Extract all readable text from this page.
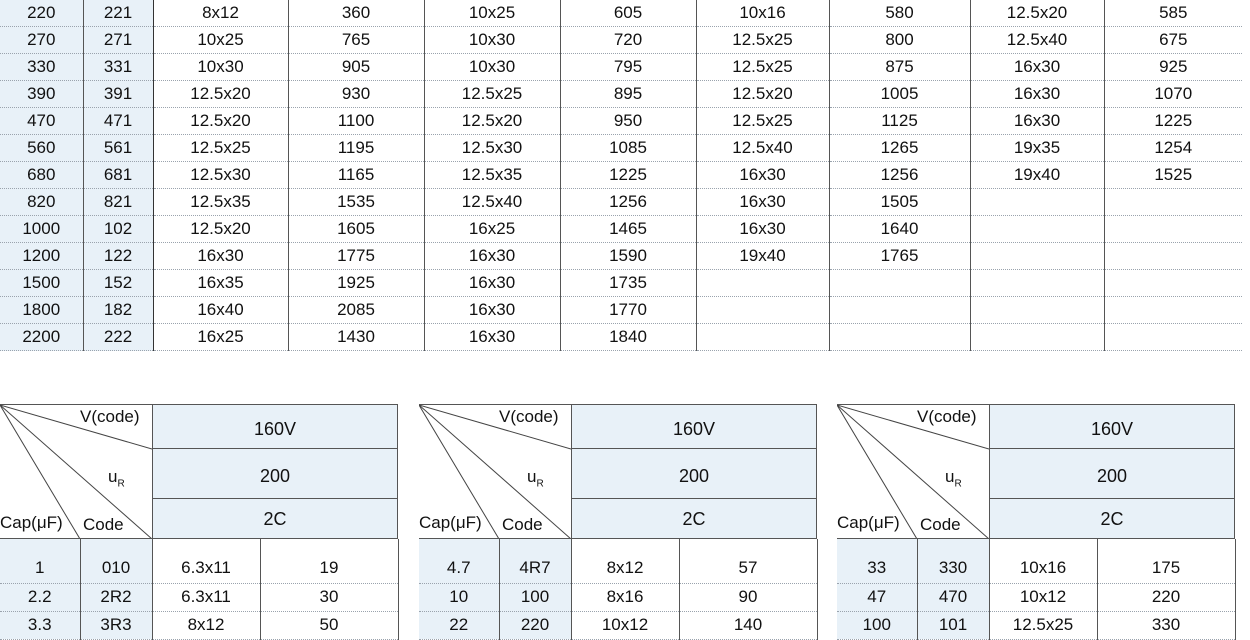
220	221	8x12	360	10x25	605	10x16	580	12.5x20	585
270	271	10x25	765	10x30	720	12.5x25	800	12.5x40	675
330	331	10x30	905	10x30	795	12.5x25	875	16x30	925
390	391	12.5x20	930	12.5x25	895	12.5x20	1005	16x30	1070
470	471	12.5x20	1100	12.5x20	950	12.5x25	1125	16x30	1225
560	561	12.5x25	1195	12.5x30	1085	12.5x40	1265	19x35	1254
680	681	12.5x30	1165	12.5x35	1225	16x30	1256	19x40	1525
820	821	12.5x35	1535	12.5x40	1256	16x30	1505		
1000	102	12.5x20	1605	16x25	1465	16x30	1640		
1200	122	16x30	1775	16x30	1590	19x40	1765		
1500	152	16x35	1925	16x30	1735				
1800	182	16x40	2085	16x30	1770				
2200	222	16x25	1430	16x30	1840				
V(code)
$u_R$
Cap(μF) Code
160V
200
2C
1	010	6.3x11	19
2.2	2R2	6.3x11	30
3.3	3R3	8x12	50
V(code)
$u_R$
Cap(μF) Code
160V
200
2C
4.7	4R7	8x12	57
10	100	8x16	90
22	220	10x12	140
V(code)
$u_R$
Cap(μF) Code
160V
200
2C
33	330	10x16	175
47	470	10x12	220
100	101	12.5x25	330
